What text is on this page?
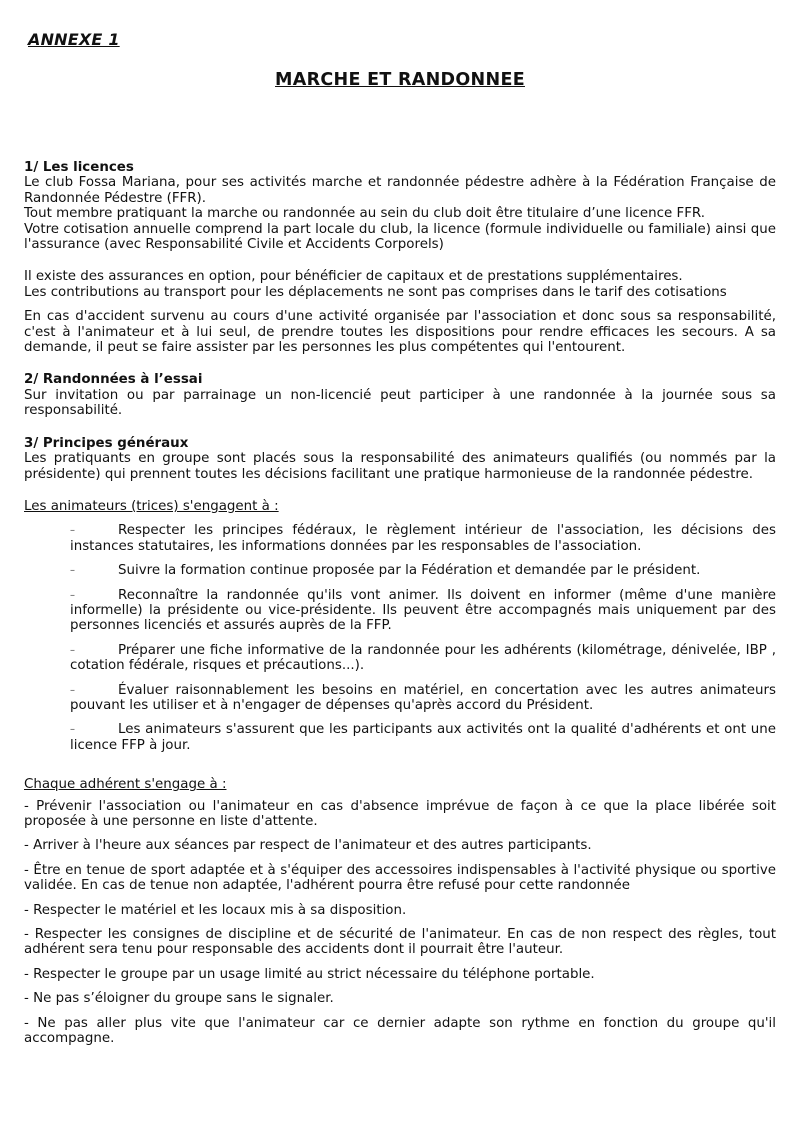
ANNEXE 1
MARCHE ET RANDONNEE

1/ Les licences

Le club Fossa Mariana, pour ses activités marche et randonnée pédestre adhère à la Fédération Française de Randonnée Pédestre (FFR).

Tout membre pratiquant la marche ou randonnée au sein du club doit être titulaire d’une licence FFR.

Votre cotisation annuelle comprend la part locale du club, la licence (formule individuelle ou familiale) ainsi que l'assurance (avec Responsabilité Civile et Accidents Corporels)

Il existe des assurances en option, pour bénéficier de capitaux et de prestations supplémentaires.

Les contributions au transport pour les déplacements ne sont pas comprises dans le tarif des cotisations

En cas d'accident survenu au cours d'une activité organisée par l'association et donc sous sa responsabilité, c'est à l'animateur et à lui seul, de prendre toutes les dispositions pour rendre efficaces les secours. A sa demande, il peut se faire assister par les personnes les plus compétentes qui l'entourent.

2/ Randonnées à l’essai

Sur invitation ou par parrainage un non-licencié peut participer à une randonnée à la journée sous sa responsabilité.

3/ Principes généraux

Les pratiquants en groupe sont placés sous la responsabilité des animateurs qualifiés (ou nommés par la présidente) qui prennent toutes les décisions facilitant une pratique harmonieuse de la randonnée pédestre.

Les animateurs (trices) s'engagent à :

–	Respecter les principes fédéraux, le règlement intérieur de l'association, les décisions des instances statutaires, les informations données par les responsables de l'association.

–	Suivre la formation continue proposée par la Fédération et demandée par le président.

–	Reconnaître la randonnée qu'ils vont animer. Ils doivent en informer (même d'une manière informelle) la présidente ou vice-présidente. Ils peuvent être accompagnés mais uniquement par des personnes licenciés et assurés auprès de la FFP.

–	Préparer une fiche informative de la randonnée pour les adhérents (kilométrage, dénivelée, IBP , cotation fédérale, risques et précautions...).

–	Évaluer raisonnablement les besoins en matériel, en concertation avec les autres animateurs pouvant les utiliser et à n'engager de dépenses qu'après accord du Président.

–	Les animateurs s'assurent que les participants aux activités ont la qualité d'adhérents et ont une licence FFP à jour.

Chaque adhérent s'engage à :

- Prévenir l'association ou l'animateur en cas d'absence imprévue de façon à ce que la place libérée soit proposée à une personne en liste d'attente.

- Arriver à l'heure aux séances par respect de l'animateur et des autres participants.

- Être en tenue de sport adaptée et à s'équiper des accessoires indispensables à l'activité physique ou sportive validée. En cas de tenue non adaptée, l'adhérent pourra être refusé pour cette randonnée

- Respecter le matériel et les locaux mis à sa disposition.

- Respecter les consignes de discipline et de sécurité de l'animateur. En cas de non respect des règles, tout adhérent sera tenu pour responsable des accidents dont il pourrait être l'auteur.

- Respecter le groupe par un usage limité au strict nécessaire du téléphone portable.

- Ne pas s’éloigner du groupe sans le signaler.

- Ne pas aller plus vite que l'animateur car ce dernier adapte son rythme en fonction du groupe qu'il accompagne.
